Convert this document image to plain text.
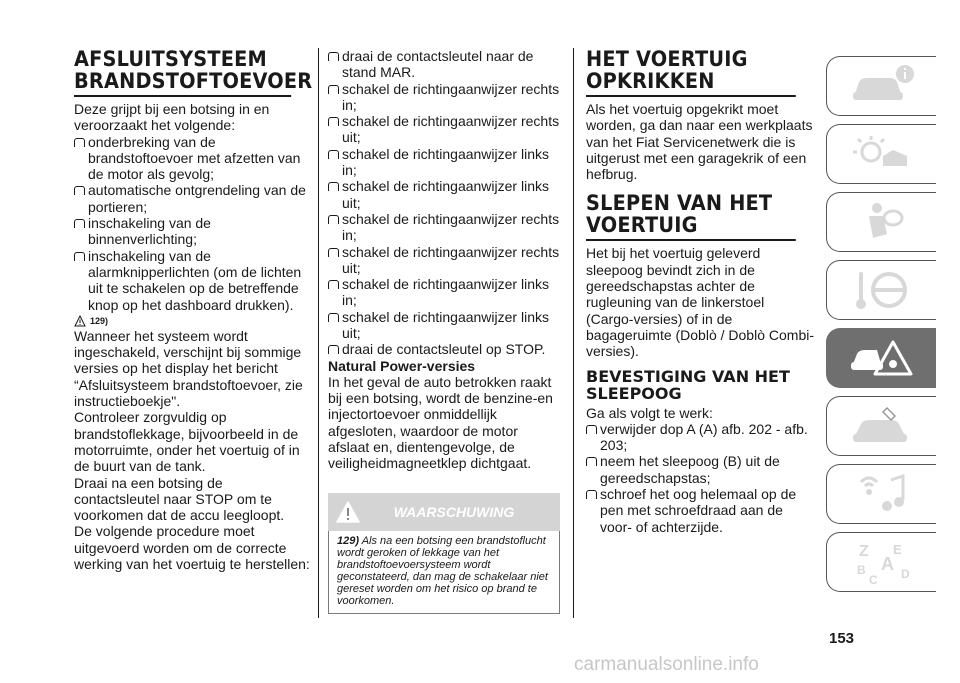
AFSLUITSYSTEEM BRANDSTOFTOEVOER

Deze grijpt bij een botsing in en veroorzaakt het volgende:

onderbreking van de brandstoftoevoer met afzetten van de motor als gevolg;
automatische ontgrendeling van de portieren;
inschakeling van de binnenverlichting;
inschakeling van de alarmknipperlichten (om de lichten uit te schakelen op de betreffende knop op het dashboard drukken).
129)

Wanneer het systeem wordt ingeschakeld, verschijnt bij sommige versies op het display het bericht “Afsluitsysteem brandstoftoevoer, zie instructieboekje".

Controleer zorgvuldig op brandstoflekkage, bijvoorbeeld in de motorruimte, onder het voertuig of in de buurt van de tank.

Draai na een botsing de contactsleutel naar STOP om te voorkomen dat de accu leegloopt.

De volgende procedure moet uitgevoerd worden om de correcte werking van het voertuig te herstellen:

draai de contactsleutel naar de stand MAR.
schakel de richtingaanwijzer rechts in;
schakel de richtingaanwijzer rechts uit;
schakel de richtingaanwijzer links in;
schakel de richtingaanwijzer links uit;
schakel de richtingaanwijzer rechts in;
schakel de richtingaanwijzer rechts uit;
schakel de richtingaanwijzer links in;
schakel de richtingaanwijzer links uit;
draai de contactsleutel op STOP.
Natural Power-versies

In het geval de auto betrokken raakt bij een botsing, wordt de benzine-en injectortoevoer onmiddellijk afgesloten, waardoor de motor afslaat en, dientengevolge, de veiligheidmagneetklep dichtgaat.

WAARSCHUWING
129) Als na een botsing een brandstoflucht wordt geroken of lekkage van het brandstoftoevoersysteem wordt geconstateerd, dan mag de schakelaar niet gereset worden om het risico op brand te voorkomen.
HET VOERTUIG OPKRIKKEN

Als het voertuig opgekrikt moet worden, ga dan naar een werkplaats van het Fiat Servicenetwerk die is uitgerust met een garagekrik of een hefbrug.

SLEPEN VAN HET VOERTUIG

Het bij het voertuig geleverd sleepoog bevindt zich in de gereedschapstas achter de rugleuning van de linkerstoel (Cargo-versies) of in de bagageruimte (Doblò / Doblò Combi-versies).

BEVESTIGING VAN HET SLEEPOOG

Ga als volgt te werk:

verwijder dop A (A) afb. 202 - afb. 203;
neem het sleepoog (B) uit de gereedschapstas;
schroef het oog helemaal op de pen met schroefdraad aan de voor- of achterzijde.
Z E
B A
C D
153
carmanualsonline.info
